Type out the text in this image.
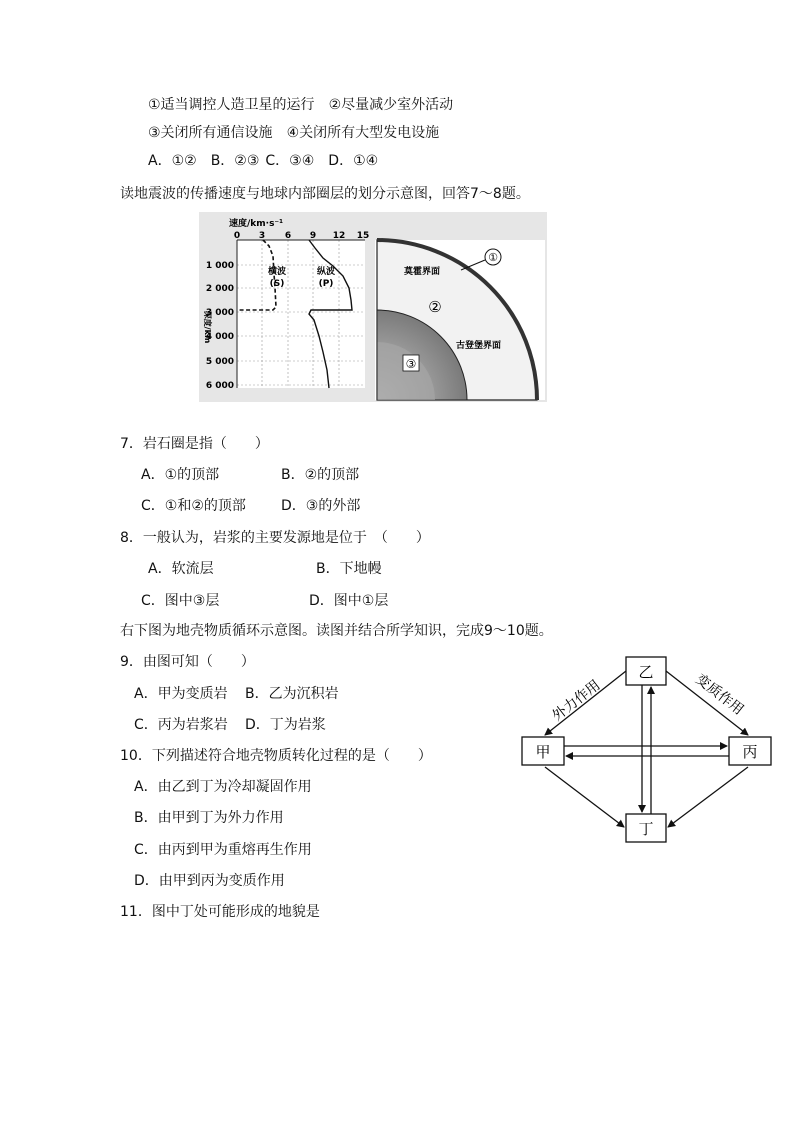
①适当调控人造卫星的运行 ②尽量减少室外活动
③关闭所有通信设施 ④关闭所有大型发电设施
A．①② B．②③ C．③④ D．①④
读地震波的传播速度与地球内部圈层的划分示意图，回答7～8题。
速度/km·s⁻¹
0 3 6 9 12 15
1 000
2 000
3 000
4 000
5 000
6 000
深度/km
横波
(S)
纵波
(P)
①
莫霍界面
②
古登堡界面
③
7．岩石圈是指（　　）
A．①的顶部	B．②的顶部
C．①和②的顶部	D．③的外部
8．一般认为，岩浆的主要发源地是位于　（　　）
A．软流层	B．下地幔
C．图中③层	D．图中①层
右下图为地壳物质循环示意图。读图并结合所学知识，完成9～10题。
9．由图可知（　　）
A．甲为变质岩 B．乙为沉积岩
C．丙为岩浆岩 D．丁为岩浆
10．下列描述符合地壳物质转化过程的是（　　）
A．由乙到丁为冷却凝固作用
B．由甲到丁为外力作用
C．由丙到甲为重熔再生作用
D．由甲到丙为变质作用
11．图中丁处可能形成的地貌是
乙
甲	丙
丁
外力作用	变质作用
